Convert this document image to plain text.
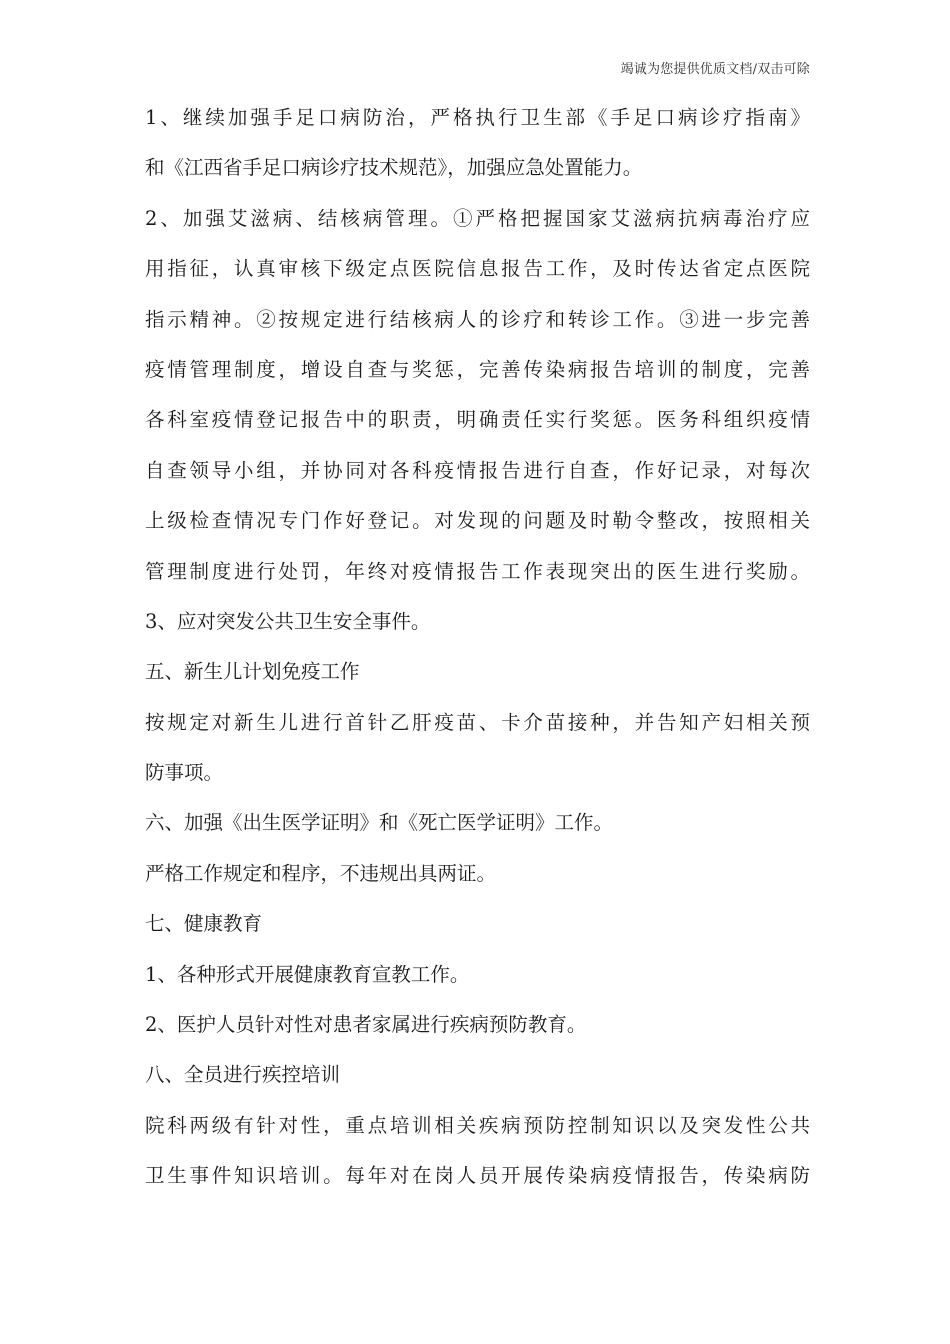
竭诚为您提供优质文档/双击可除
1、继续加强手足口病防治，严格执行卫生部《手足口病诊疗指南》
和《江西省手足口病诊疗技术规范》，加强应急处置能力。
2、加强艾滋病、结核病管理。①严格把握国家艾滋病抗病毒治疗应
用指征，认真审核下级定点医院信息报告工作，及时传达省定点医院
指示精神。②按规定进行结核病人的诊疗和转诊工作。③进一步完善
疫情管理制度，增设自查与奖惩，完善传染病报告培训的制度，完善
各科室疫情登记报告中的职责，明确责任实行奖惩。医务科组织疫情
自查领导小组，并协同对各科疫情报告进行自查，作好记录，对每次
上级检查情况专门作好登记。对发现的问题及时勒令整改，按照相关
管理制度进行处罚，年终对疫情报告工作表现突出的医生进行奖励。
3、应对突发公共卫生安全事件。
五、新生儿计划免疫工作
按规定对新生儿进行首针乙肝疫苗、卡介苗接种，并告知产妇相关预
防事项。
六、加强《出生医学证明》和《死亡医学证明》工作。
严格工作规定和程序，不违规出具两证。
七、健康教育
1、各种形式开展健康教育宣教工作。
2、医护人员针对性对患者家属进行疾病预防教育。
八、全员进行疾控培训
院科两级有针对性，重点培训相关疾病预防控制知识以及突发性公共
卫生事件知识培训。每年对在岗人员开展传染病疫情报告，传染病防
